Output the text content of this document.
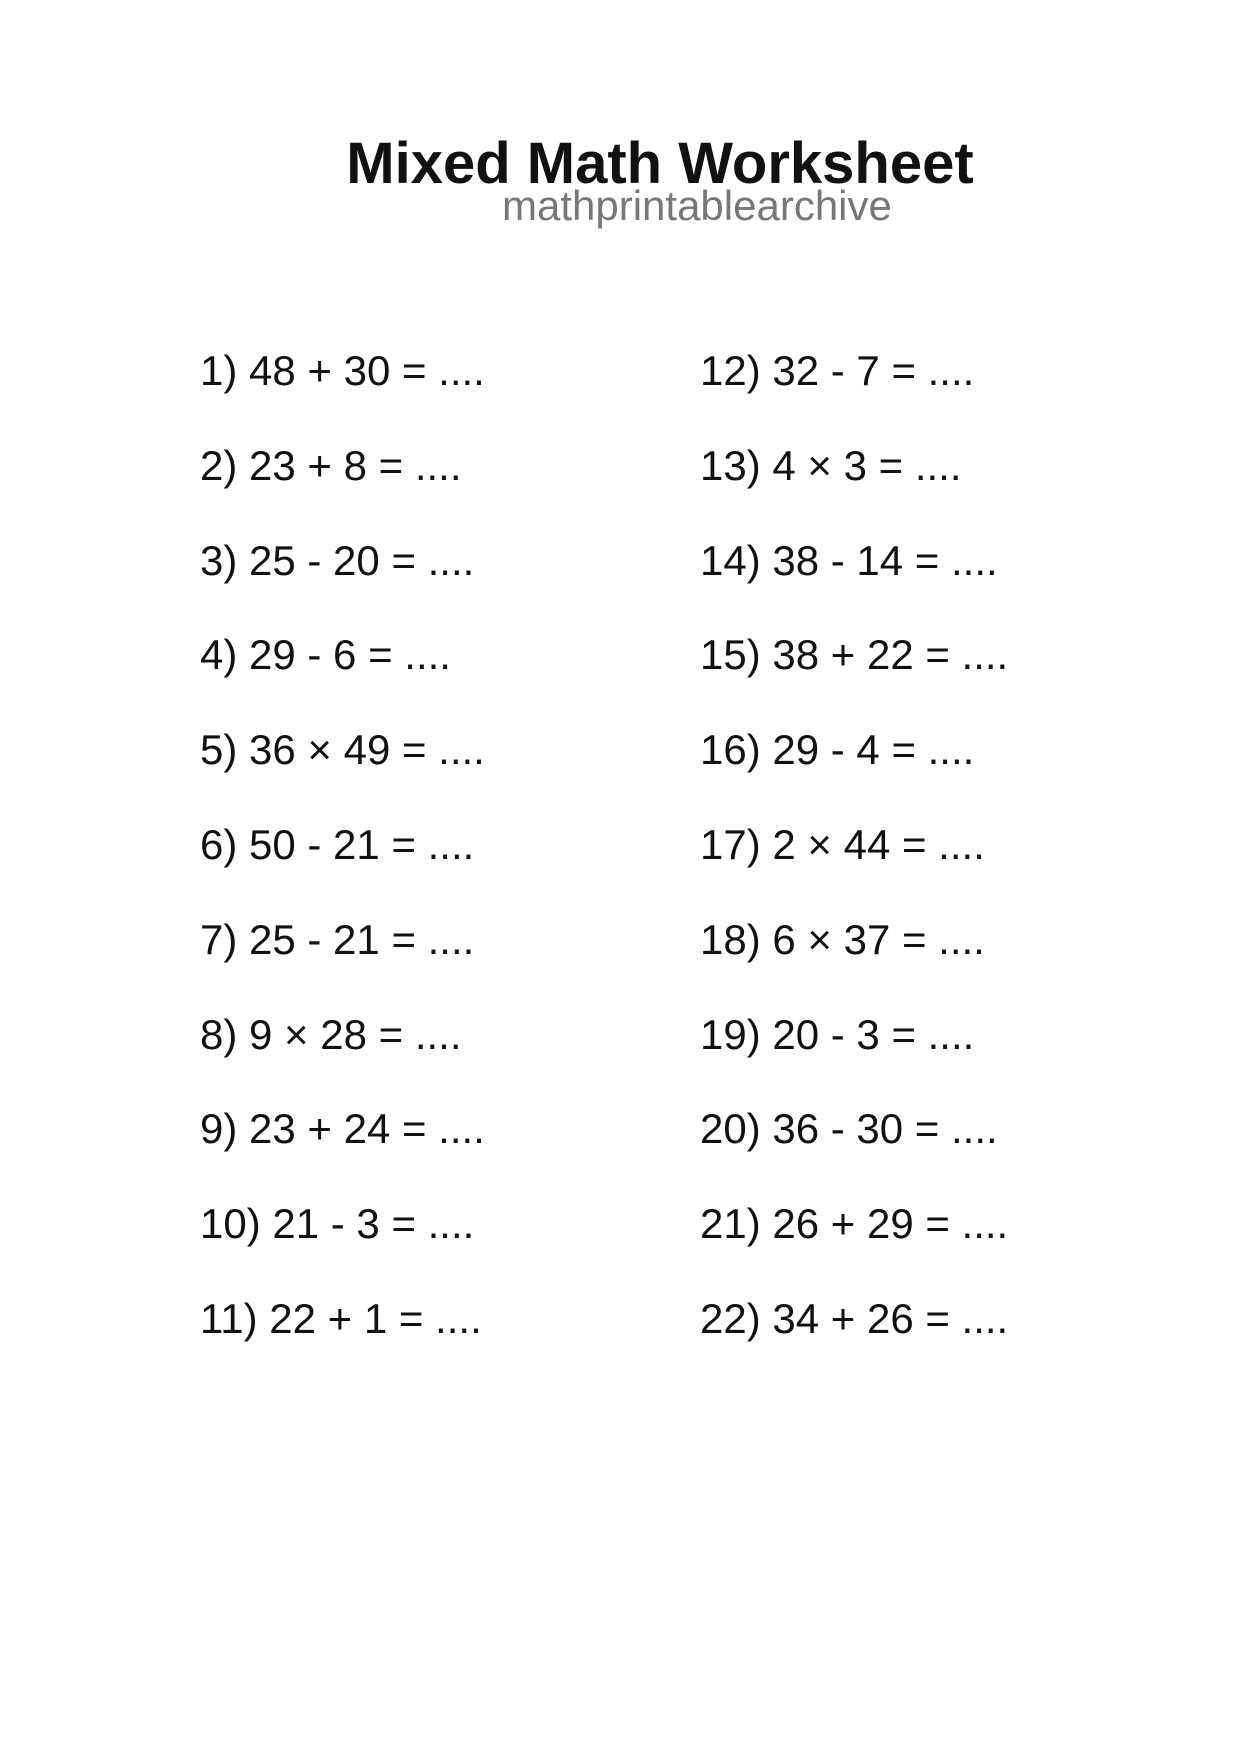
Mixed Math Worksheet
mathprintablearchive
1) 48 + 30 = ....
2) 23 + 8 = ....
3) 25 - 20 = ....
4) 29 - 6 = ....
5) 36 × 49 = ....
6) 50 - 21 = ....
7) 25 - 21 = ....
8) 9 × 28 = ....
9) 23 + 24 = ....
10) 21 - 3 = ....
11) 22 + 1 = ....
12) 32 - 7 = ....
13) 4 × 3 = ....
14) 38 - 14 = ....
15) 38 + 22 = ....
16) 29 - 4 = ....
17) 2 × 44 = ....
18) 6 × 37 = ....
19) 20 - 3 = ....
20) 36 - 30 = ....
21) 26 + 29 = ....
22) 34 + 26 = ....
